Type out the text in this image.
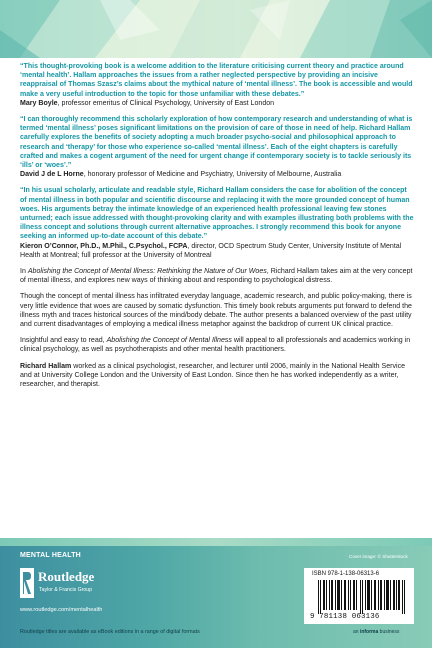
“This thought-provoking book is a welcome addition to the literature criticising current theory and practice around ‘mental health’. Hallam approaches the issues from a rather neglected perspective by providing an incisive reappraisal of Thomas Szasz’s claims about the mythical nature of ‘mental illness’. The book is accessible and would make a very useful introduction to the topic for those unfamiliar with these debates.”

Mary Boyle, professor emeritus of Clinical Psychology, University of East London

“I can thoroughly recommend this scholarly exploration of how contemporary research and understanding of what is termed ‘mental illness’ poses significant limitations on the provision of care of those in need of help. Richard Hallam carefully explores the benefits of society adopting a much broader psycho-social and philosophical approach to research and ‘therapy’ for those who experience so-called ‘mental illness’. Each of the eight chapters is carefully crafted and makes a cogent argument of the need for urgent change if contemporary society is to tackle seriously its ‘ills’ or ‘woes’.”

David J de L Horne, honorary professor of Medicine and Psychiatry, University of Melbourne, Australia

“In his usual scholarly, articulate and readable style, Richard Hallam considers the case for abolition of the concept of mental illness in both popular and scientific discourse and replacing it with the more grounded concept of human woes. His arguments betray the intimate knowledge of an experienced health professional leaving few stones unturned; each issue addressed with thought-provoking clarity and with examples illustrating both problems with the illness concept and solutions through current alternative approaches. I strongly recommend this book for anyone seeking an informed up-to-date account of this debate.”

Kieron O’Connor, Ph.D., M.Phil., C.Psychol., FCPA, director, OCD Spectrum Study Center, University Institute of Mental Health at Montreal; full professor at the University of Montreal

In Abolishing the Concept of Mental Illness: Rethinking the Nature of Our Woes, Richard Hallam takes aim at the very concept of mental illness, and explores new ways of thinking about and responding to psychological distress.

Though the concept of mental illness has infiltrated everyday language, academic research, and public policy-making, there is very little evidence that woes are caused by somatic dysfunction. This timely book rebuts arguments put forward to defend the illness myth and traces historical sources of the mind/body debate. The author presents a balanced overview of the past utility and current disadvantages of employing a medical illness metaphor against the backdrop of current UK clinical practice.

Insightful and easy to read, Abolishing the Concept of Mental Illness will appeal to all professionals and academics working in clinical psychology, as well as psychotherapists and other mental health practitioners.

Richard Hallam worked as a clinical psychologist, researcher, and lecturer until 2006, mainly in the National Health Service and at University College London and the University of East London. Since then he has worked independently as a writer, researcher, and therapist.

MENTAL HEALTH	Cover image: © Shutterstock
Routledge
Taylor & Francis Group
www.routledge.com/mentalhealth
Routledge titles are available as eBook editions in a range of digital formats
ISBN 978-1-138-06313-6
9 781138 063136
an informa business
